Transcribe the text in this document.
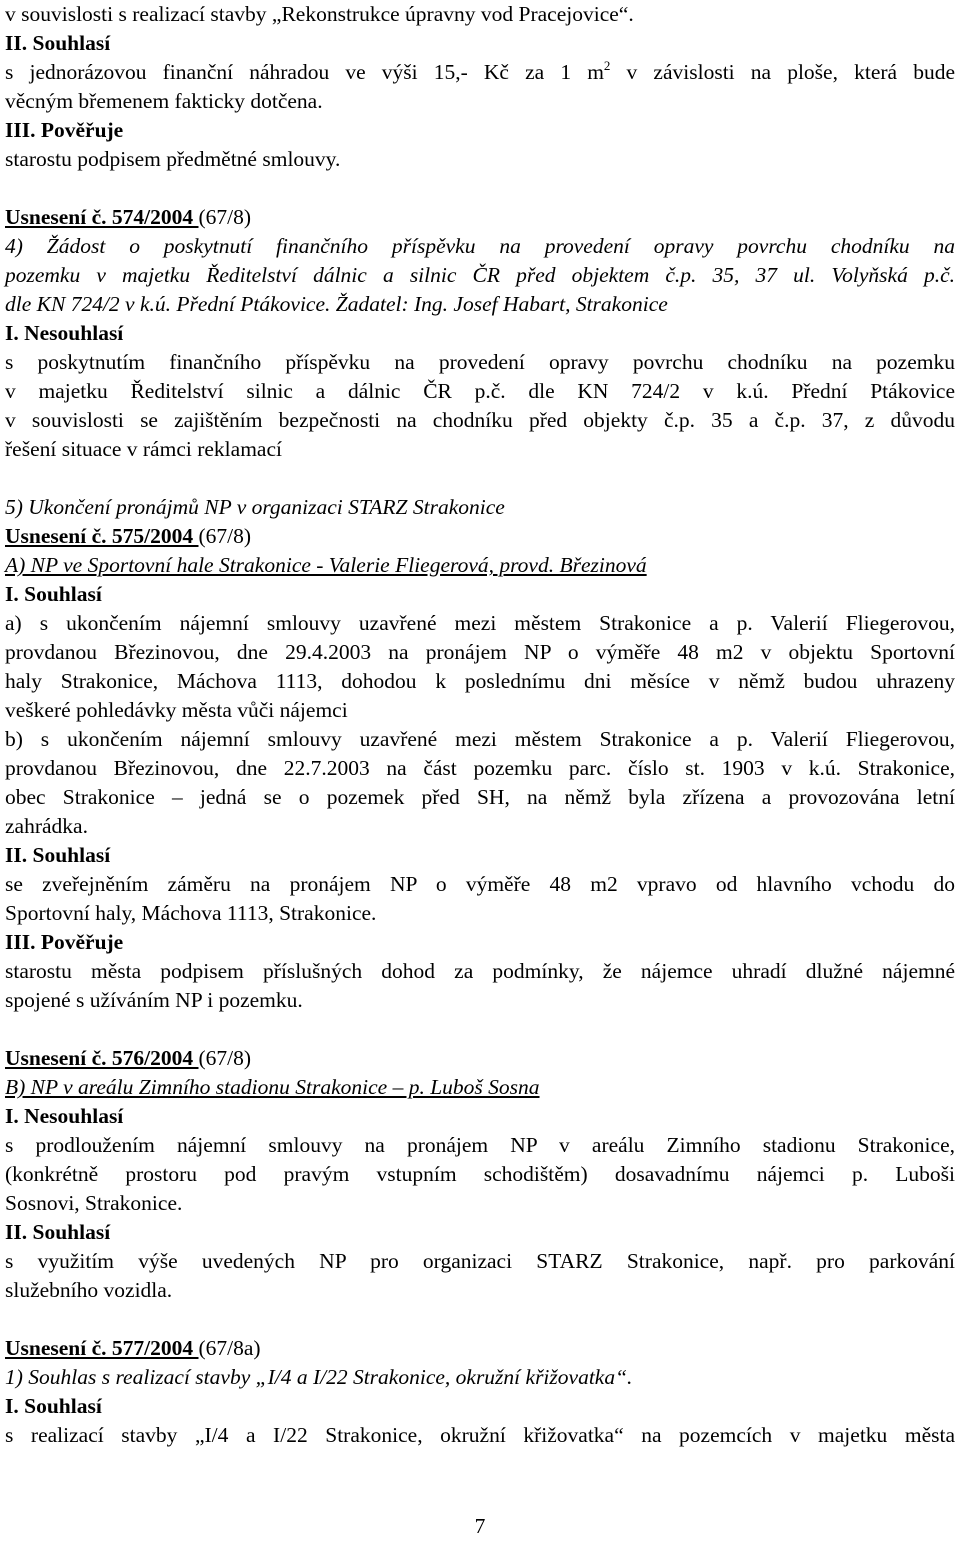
v souvislosti s realizací stavby „Rekonstrukce úpravny vod Pracejovice“.
II. Souhlasí
s jednorázovou finanční náhradou ve výši 15,- Kč za 1 $m^2$ v závislosti na ploše, která bude
věcným břemenem fakticky dotčena.
III. Pověřuje
starostu podpisem předmětné smlouvy.
Usnesení č. 574/2004 (67/8)
4) Žádost o poskytnutí finančního příspěvku na provedení opravy povrchu chodníku na
pozemku v majetku Ředitelství dálnic a silnic ČR před objektem č.p. 35, 37 ul. Volyňská p.č.
dle KN 724/2 v k.ú. Přední Ptákovice. Žadatel: Ing. Josef Habart, Strakonice
I. Nesouhlasí
s poskytnutím finančního příspěvku na provedení opravy povrchu chodníku na pozemku
v majetku Ředitelství silnic a dálnic ČR p.č. dle KN 724/2 v k.ú. Přední Ptákovice
v souvislosti se zajištěním bezpečnosti na chodníku před objekty č.p. 35 a č.p. 37, z důvodu
řešení situace v rámci reklamací
5) Ukončení pronájmů NP v organizaci STARZ Strakonice
Usnesení č. 575/2004 (67/8)
A) NP ve Sportovní hale Strakonice - Valerie Fliegerová, provd. Březinová
I. Souhlasí
a) s ukončením nájemní smlouvy uzavřené mezi městem Strakonice a p. Valerií Fliegerovou,
provdanou Březinovou, dne 29.4.2003 na pronájem NP o výměře 48 m2 v objektu Sportovní
haly Strakonice, Máchova 1113, dohodou k poslednímu dni měsíce v němž budou uhrazeny
veškeré pohledávky města vůči nájemci
b) s ukončením nájemní smlouvy uzavřené mezi městem Strakonice a p. Valerií Fliegerovou,
provdanou Březinovou, dne 22.7.2003 na část pozemku parc. číslo st. 1903 v k.ú. Strakonice,
obec Strakonice – jedná se o pozemek před SH, na němž byla zřízena a provozována letní
zahrádka.
II. Souhlasí
se zveřejněním záměru na pronájem NP o výměře 48 m2 vpravo od hlavního vchodu do
Sportovní haly, Máchova 1113, Strakonice.
III. Pověřuje
starostu města podpisem příslušných dohod za podmínky, že nájemce uhradí dlužné nájemné
spojené s užíváním NP i pozemku.
Usnesení č. 576/2004 (67/8)
B) NP v areálu Zimního stadionu Strakonice – p. Luboš Sosna
I. Nesouhlasí
s prodloužením nájemní smlouvy na pronájem NP v areálu Zimního stadionu Strakonice,
(konkrétně prostoru pod pravým vstupním schodištěm) dosavadnímu nájemci p. Luboši
Sosnovi, Strakonice.
II. Souhlasí
s využitím výše uvedených NP pro organizaci STARZ Strakonice, např. pro parkování
služebního vozidla.
Usnesení č. 577/2004 (67/8a)
1) Souhlas s realizací stavby „I/4 a I/22 Strakonice, okružní křižovatka“.
I. Souhlasí
s realizací stavby „I/4 a I/22 Strakonice, okružní křižovatka“ na pozemcích v majetku města
7
